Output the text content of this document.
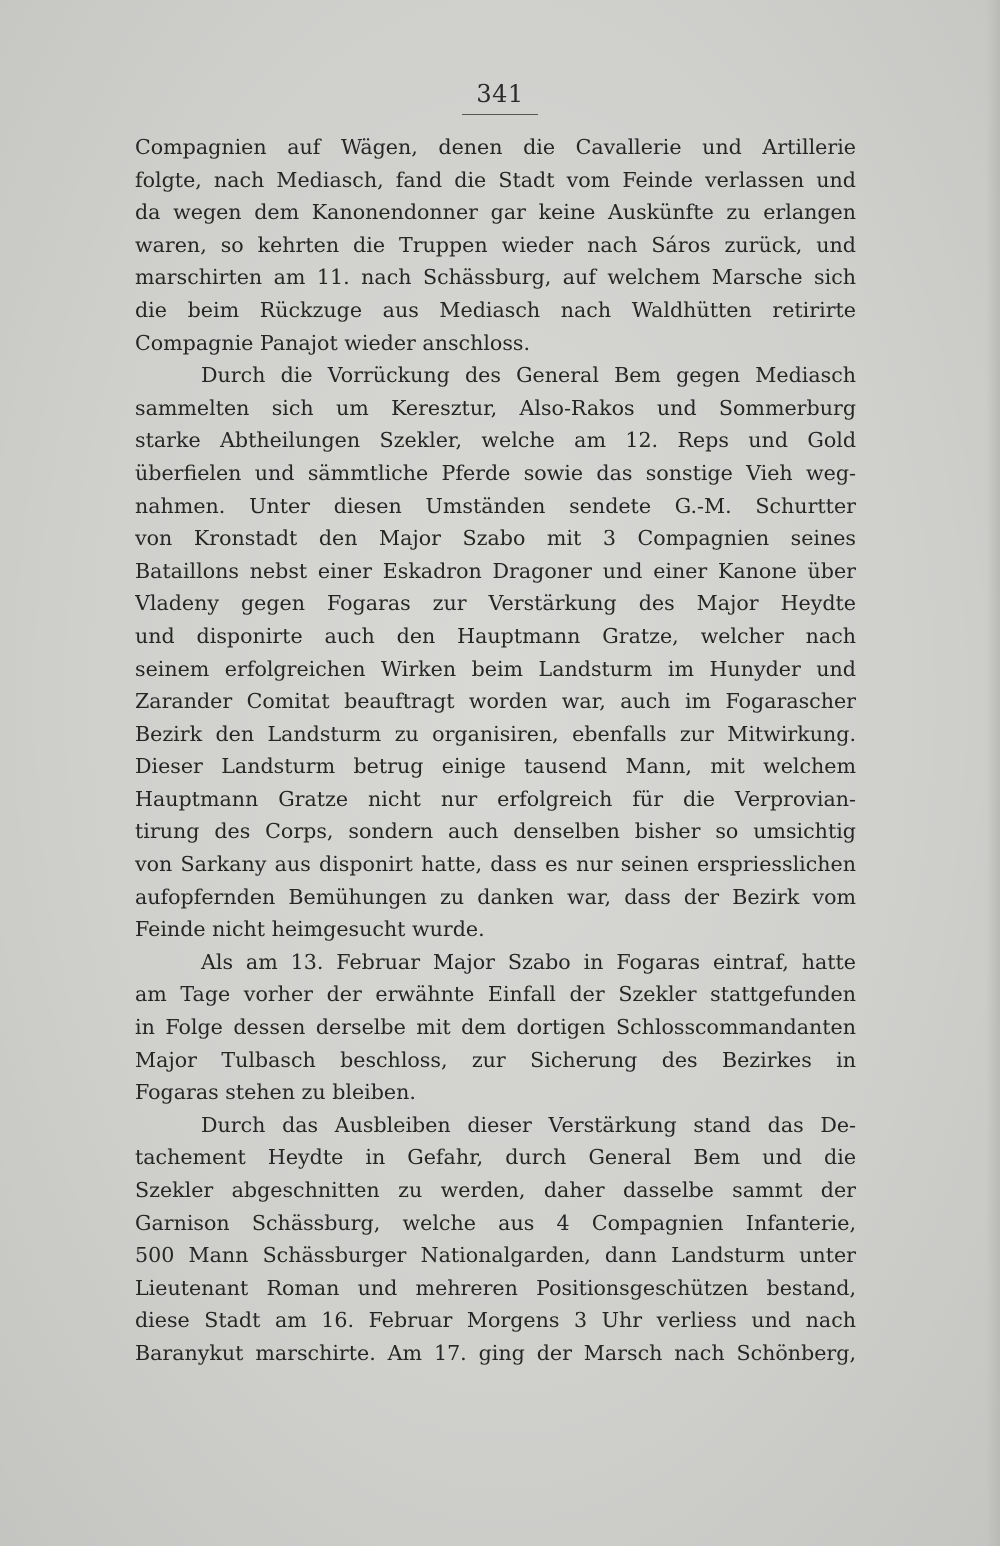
341
Compagnien auf Wägen, denen die Cavallerie und Artillerie
folgte, nach Mediasch, fand die Stadt vom Feinde verlassen und
da wegen dem Kanonendonner gar keine Auskünfte zu erlangen
waren, so kehrten die Truppen wieder nach Sáros zurück, und
marschirten am 11. nach Schässburg, auf welchem Marsche sich
die beim Rückzuge aus Mediasch nach Waldhütten retirirte
Compagnie Panajot wieder anschloss.
Durch die Vorrückung des General Bem gegen Mediasch
sammelten sich um Keresztur, Also-Rakos und Sommerburg
starke Abtheilungen Szekler, welche am 12. Reps und Gold
überfielen und sämmtliche Pferde sowie das sonstige Vieh weg-
nahmen. Unter diesen Umständen sendete G.-M. Schurtter
von Kronstadt den Major Szabo mit 3 Compagnien seines
Bataillons nebst einer Eskadron Dragoner und einer Kanone über
Vladeny gegen Fogaras zur Verstärkung des Major Heydte
und disponirte auch den Hauptmann Gratze, welcher nach
seinem erfolgreichen Wirken beim Landsturm im Hunyder und
Zarander Comitat beauftragt worden war, auch im Fogarascher
Bezirk den Landsturm zu organisiren, ebenfalls zur Mitwirkung.
Dieser Landsturm betrug einige tausend Mann, mit welchem
Hauptmann Gratze nicht nur erfolgreich für die Verprovian-
tirung des Corps, sondern auch denselben bisher so umsichtig
von Sarkany aus disponirt hatte, dass es nur seinen erspriesslichen
aufopfernden Bemühungen zu danken war, dass der Bezirk vom
Feinde nicht heimgesucht wurde.
Als am 13. Februar Major Szabo in Fogaras eintraf, hatte
am Tage vorher der erwähnte Einfall der Szekler stattgefunden
in Folge dessen derselbe mit dem dortigen Schlosscommandanten
Major Tulbasch beschloss, zur Sicherung des Bezirkes in
Fogaras stehen zu bleiben.
Durch das Ausbleiben dieser Verstärkung stand das De-
tachement Heydte in Gefahr, durch General Bem und die
Szekler abgeschnitten zu werden, daher dasselbe sammt der
Garnison Schässburg, welche aus 4 Compagnien Infanterie,
500 Mann Schässburger Nationalgarden, dann Landsturm unter
Lieutenant Roman und mehreren Positionsgeschützen bestand,
diese Stadt am 16. Februar Morgens 3 Uhr verliess und nach
Baranykut marschirte. Am 17. ging der Marsch nach Schönberg,
